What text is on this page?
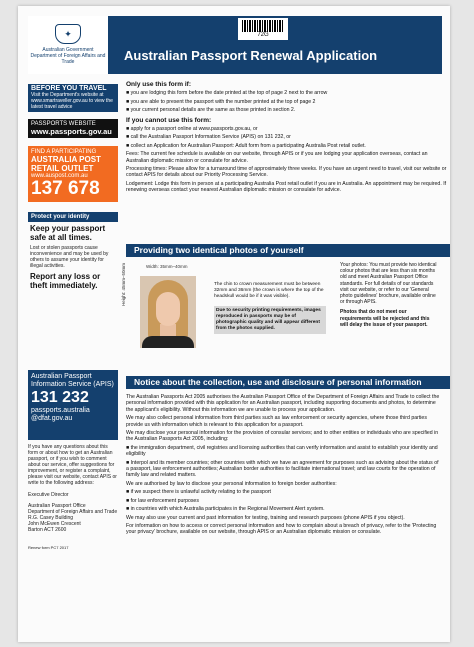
✦
Australian Government
Department of Foreign Affairs and Trade
72G
Australian Passport Renewal Application
BEFORE YOU TRAVEL
Visit the Department's website at www.smartraveller.gov.au to view the latest travel advice
PASSPORTS WEBSITE
www.passports.gov.au
FIND A PARTICIPATING
AUSTRALIA POST RETAIL OUTLET
www.auspost.com.au
137 678
Protect your identity
Keep your passport safe at all times.
Lost or stolen passports cause inconvenience and may be used by others to assume your identity for illegal activities.
Report any loss or theft immediately.
Australian Passport Information Service (APIS)
131 232
passports.australia @dfat.gov.au
If you have any questions about this form or about how to get an Australian passport, or if you wish to comment about our service, offer suggestions for improvement, or register a complaint, please visit our website, contact APIS or write to the following address:
Executive Director
Australian Passport Office
Department of Foreign Affairs and Trade
R.G. Casey Building
John McEwen Crescent
Barton ACT 2600
Renew form PC7 2017

Only use this form if:

■ you are lodging this form before the date printed at the top of page 2 next to the arrow

■ you are able to present the passport with the number printed at the top of page 2

■ your current personal details are the same as those printed in section 2.

If you cannot use this form:

■ apply for a passport online at www.passports.gov.au, or

■ call the Australian Passport Information Service (APIS) on 131 232, or

■ collect an Application for Australian Passport: Adult form from a participating Australia Post retail outlet.

Fees: The current fee schedule is available on our website, through APIS or if you are lodging your application overseas, contact an Australian diplomatic mission or consulate for advice.

Processing times: Please allow for a turnaround time of approximately three weeks. If you have an urgent need to travel, visit our website or contact APIS for details about our Priority Processing Service.

Lodgement: Lodge this form in person at a participating Australia Post retail outlet if you are in Australia. An appointment may be required. If renewing overseas contact your nearest Australian diplomatic mission or consulate for advice.

Providing two identical photos of yourself
Width: 35mm–40mm
Height: 45mm–50mm	The chin to crown measurement must be between 32mm and 36mm (the crown is where the top of the headskull would be if it was visible).
Due to security printing requirements, images reproduced in passports may be of photographic quality and will appear different from the photos supplied.
Your photos: You must provide two identical colour photos that are less than six months old and meet Australian Passport Office standards. For full details of our standards visit our website, or refer to our 'General photo guidelines' brochure, available online or through APIS.
Photos that do not meet our requirements will be rejected and this will delay the issue of your passport.
Notice about the collection, use and disclosure of personal information

The Australian Passports Act 2005 authorises the Australian Passport Office of the Department of Foreign Affairs and Trade to collect the personal information provided with this application for an Australian passport, including supporting documents and photos, to determine the applicant's eligibility. Without this information we are unable to process your application.

We may also collect personal information from third parties such as law enforcement or security agencies, where those third parties provide us with information which is relevant to this application for a passport.

We may disclose your personal information for the provision of consular services; and to other entities or individuals who are specified in the Australian Passports Act 2005, including:

■ the immigration department, civil registries and licensing authorities that can verify information and assist to establish your identity and eligibility

■ Interpol and its member countries; other countries with which we have an agreement for purposes such as advising about the status of a passport, law enforcement authorities; Australian border authorities to facilitate international travel; and law courts for the operation of family law and related matters.

We are authorised by law to disclose your personal information to foreign border authorities:

■ if we suspect there is unlawful activity relating to the passport

■ for law enforcement purposes

■ in countries with which Australia participates in the Regional Movement Alert system.

We may also use your current and past information for testing, training and research purposes (phone APIS if you object).

For information on how to access or correct personal information and how to complain about a breach of privacy, refer to the 'Protecting your privacy' brochure, available on our website, through APIS or an Australian diplomatic mission or consulate.
